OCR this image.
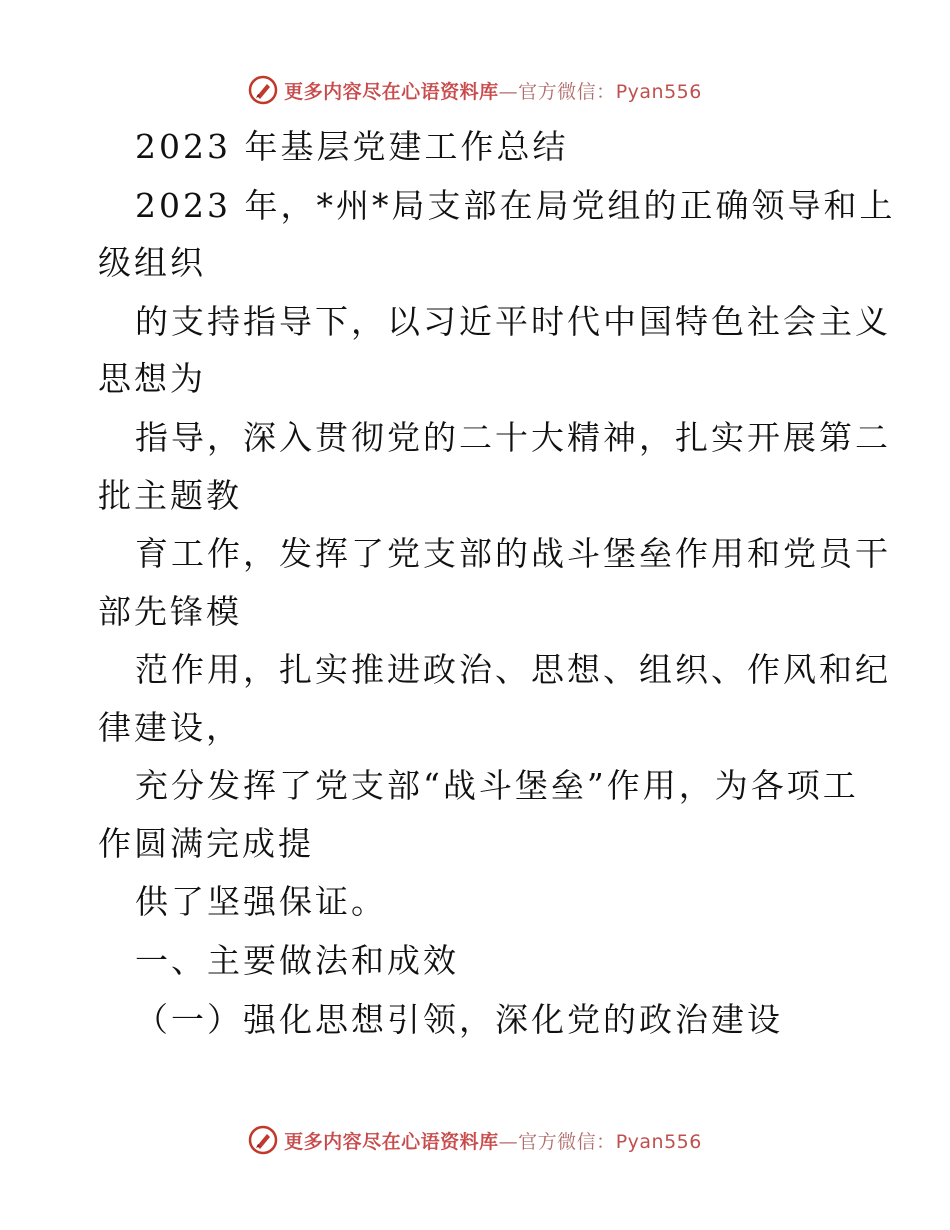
更多内容尽在心语资料库—官方微信：Pyan556
2023 年基层党建工作总结
2023 年，*州*局支部在局党组的正确领导和上
级组织
的支持指导下，以习近平时代中国特色社会主义
思想为
指导，深入贯彻党的二十大精神，扎实开展第二
批主题教
育工作，发挥了党支部的战斗堡垒作用和党员干
部先锋模
范作用，扎实推进政治、思想、组织、作风和纪
律建设，
充分发挥了党支部“战斗堡垒”作用，为各项工
作圆满完成提
供了坚强保证。
一、主要做法和成效
（一）强化思想引领，深化党的政治建设
更多内容尽在心语资料库—官方微信：Pyan556
